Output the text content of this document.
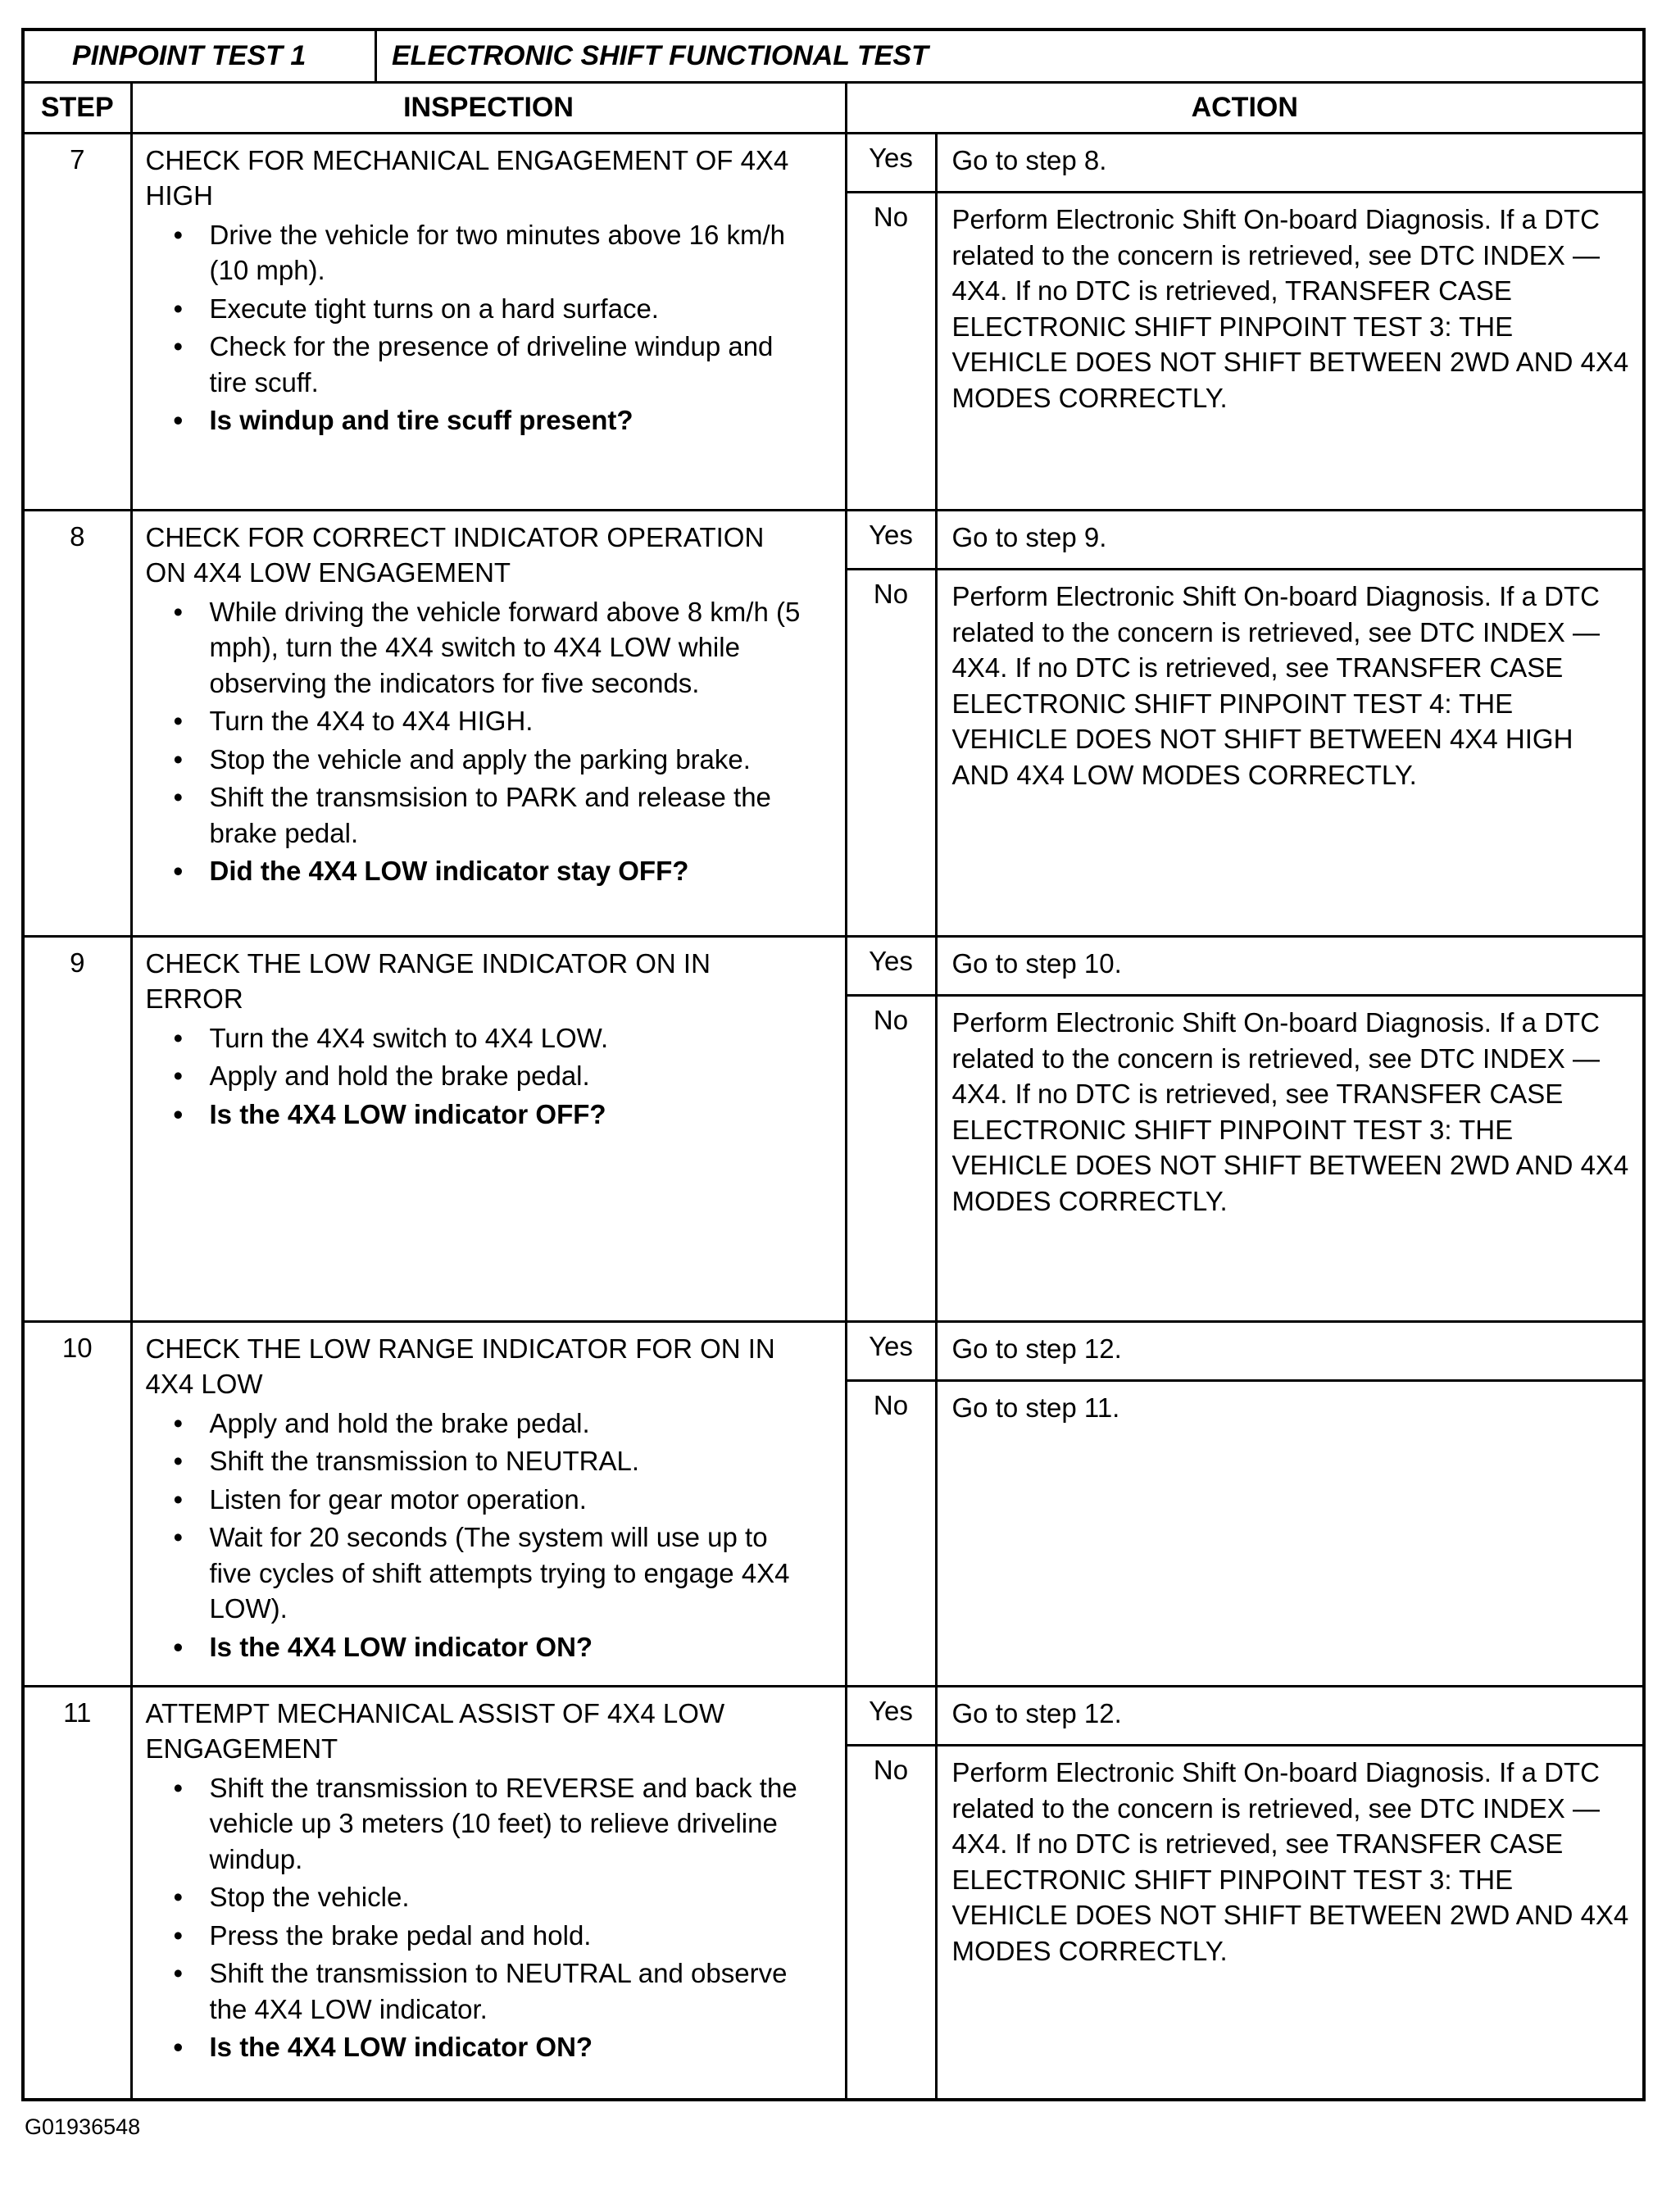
PINPOINT TEST 1 ELECTRONIC SHIFT FUNCTIONAL TEST			

STEP	INSPECTION	ACTION	
7	CHECK FOR MECHANICAL ENGAGEMENT OF 4X4 HIGH
• Drive the vehicle for two minutes above 16 km/h (10 mph).
• Execute tight turns on a hard surface.
• Check for the presence of driveline windup and tire scuff.
• Is windup and tire scuff present?
	Yes	Go to step 8.

		No	Perform Electronic Shift On-board Diagnosis. If a DTC related to the concern is retrieved, see DTC INDEX — 4X4. If no DTC is retrieved, TRANSFER CASE ELECTRONIC SHIFT PINPOINT TEST 3: THE VEHICLE DOES NOT SHIFT BETWEEN 2WD AND 4X4 MODES CORRECTLY.

8	CHECK FOR CORRECT INDICATOR OPERATION ON 4X4 LOW ENGAGEMENT
• While driving the vehicle forward above 8 km/h (5 mph), turn the 4X4 switch to 4X4 LOW while observing the indicators for five seconds.
• Turn the 4X4 to 4X4 HIGH.
• Stop the vehicle and apply the parking brake.
• Shift the transmsision to PARK and release the brake pedal.
• Did the 4X4 LOW indicator stay OFF?
	Yes	Go to step 9.

		No	Perform Electronic Shift On-board Diagnosis. If a DTC related to the concern is retrieved, see DTC INDEX — 4X4. If no DTC is retrieved, see TRANSFER CASE ELECTRONIC SHIFT PINPOINT TEST 4: THE VEHICLE DOES NOT SHIFT BETWEEN 4X4 HIGH AND 4X4 LOW MODES CORRECTLY.

9	CHECK THE LOW RANGE INDICATOR ON IN ERROR
• Turn the 4X4 switch to 4X4 LOW.
• Apply and hold the brake pedal.
• Is the 4X4 LOW indicator OFF?
	Yes	Go to step 10.

		No	Perform Electronic Shift On-board Diagnosis. If a DTC related to the concern is retrieved, see DTC INDEX — 4X4. If no DTC is retrieved, see TRANSFER CASE ELECTRONIC SHIFT PINPOINT TEST 3: THE VEHICLE DOES NOT SHIFT BETWEEN 2WD AND 4X4 MODES CORRECTLY.

10	CHECK THE LOW RANGE INDICATOR FOR ON IN 4X4 LOW
• Apply and hold the brake pedal.
• Shift the transmission to NEUTRAL.
• Listen for gear motor operation.
• Wait for 20 seconds (The system will use up to five cycles of shift attempts trying to engage 4X4 LOW).
• Is the 4X4 LOW indicator ON?
	Yes	Go to step 12.

		No	Go to step 11.

11	ATTEMPT MECHANICAL ASSIST OF 4X4 LOW ENGAGEMENT
• Shift the transmission to REVERSE and back the vehicle up 3 meters (10 feet) to relieve driveline windup.
• Stop the vehicle.
• Press the brake pedal and hold.
• Shift the transmission to NEUTRAL and observe the 4X4 LOW indicator.
• Is the 4X4 LOW indicator ON?
	Yes	Go to step 12.

		No	Perform Electronic Shift On-board Diagnosis. If a DTC related to the concern is retrieved, see DTC INDEX — 4X4. If no DTC is retrieved, see TRANSFER CASE ELECTRONIC SHIFT PINPOINT TEST 3: THE VEHICLE DOES NOT SHIFT BETWEEN 2WD AND 4X4 MODES CORRECTLY.
G01936548
